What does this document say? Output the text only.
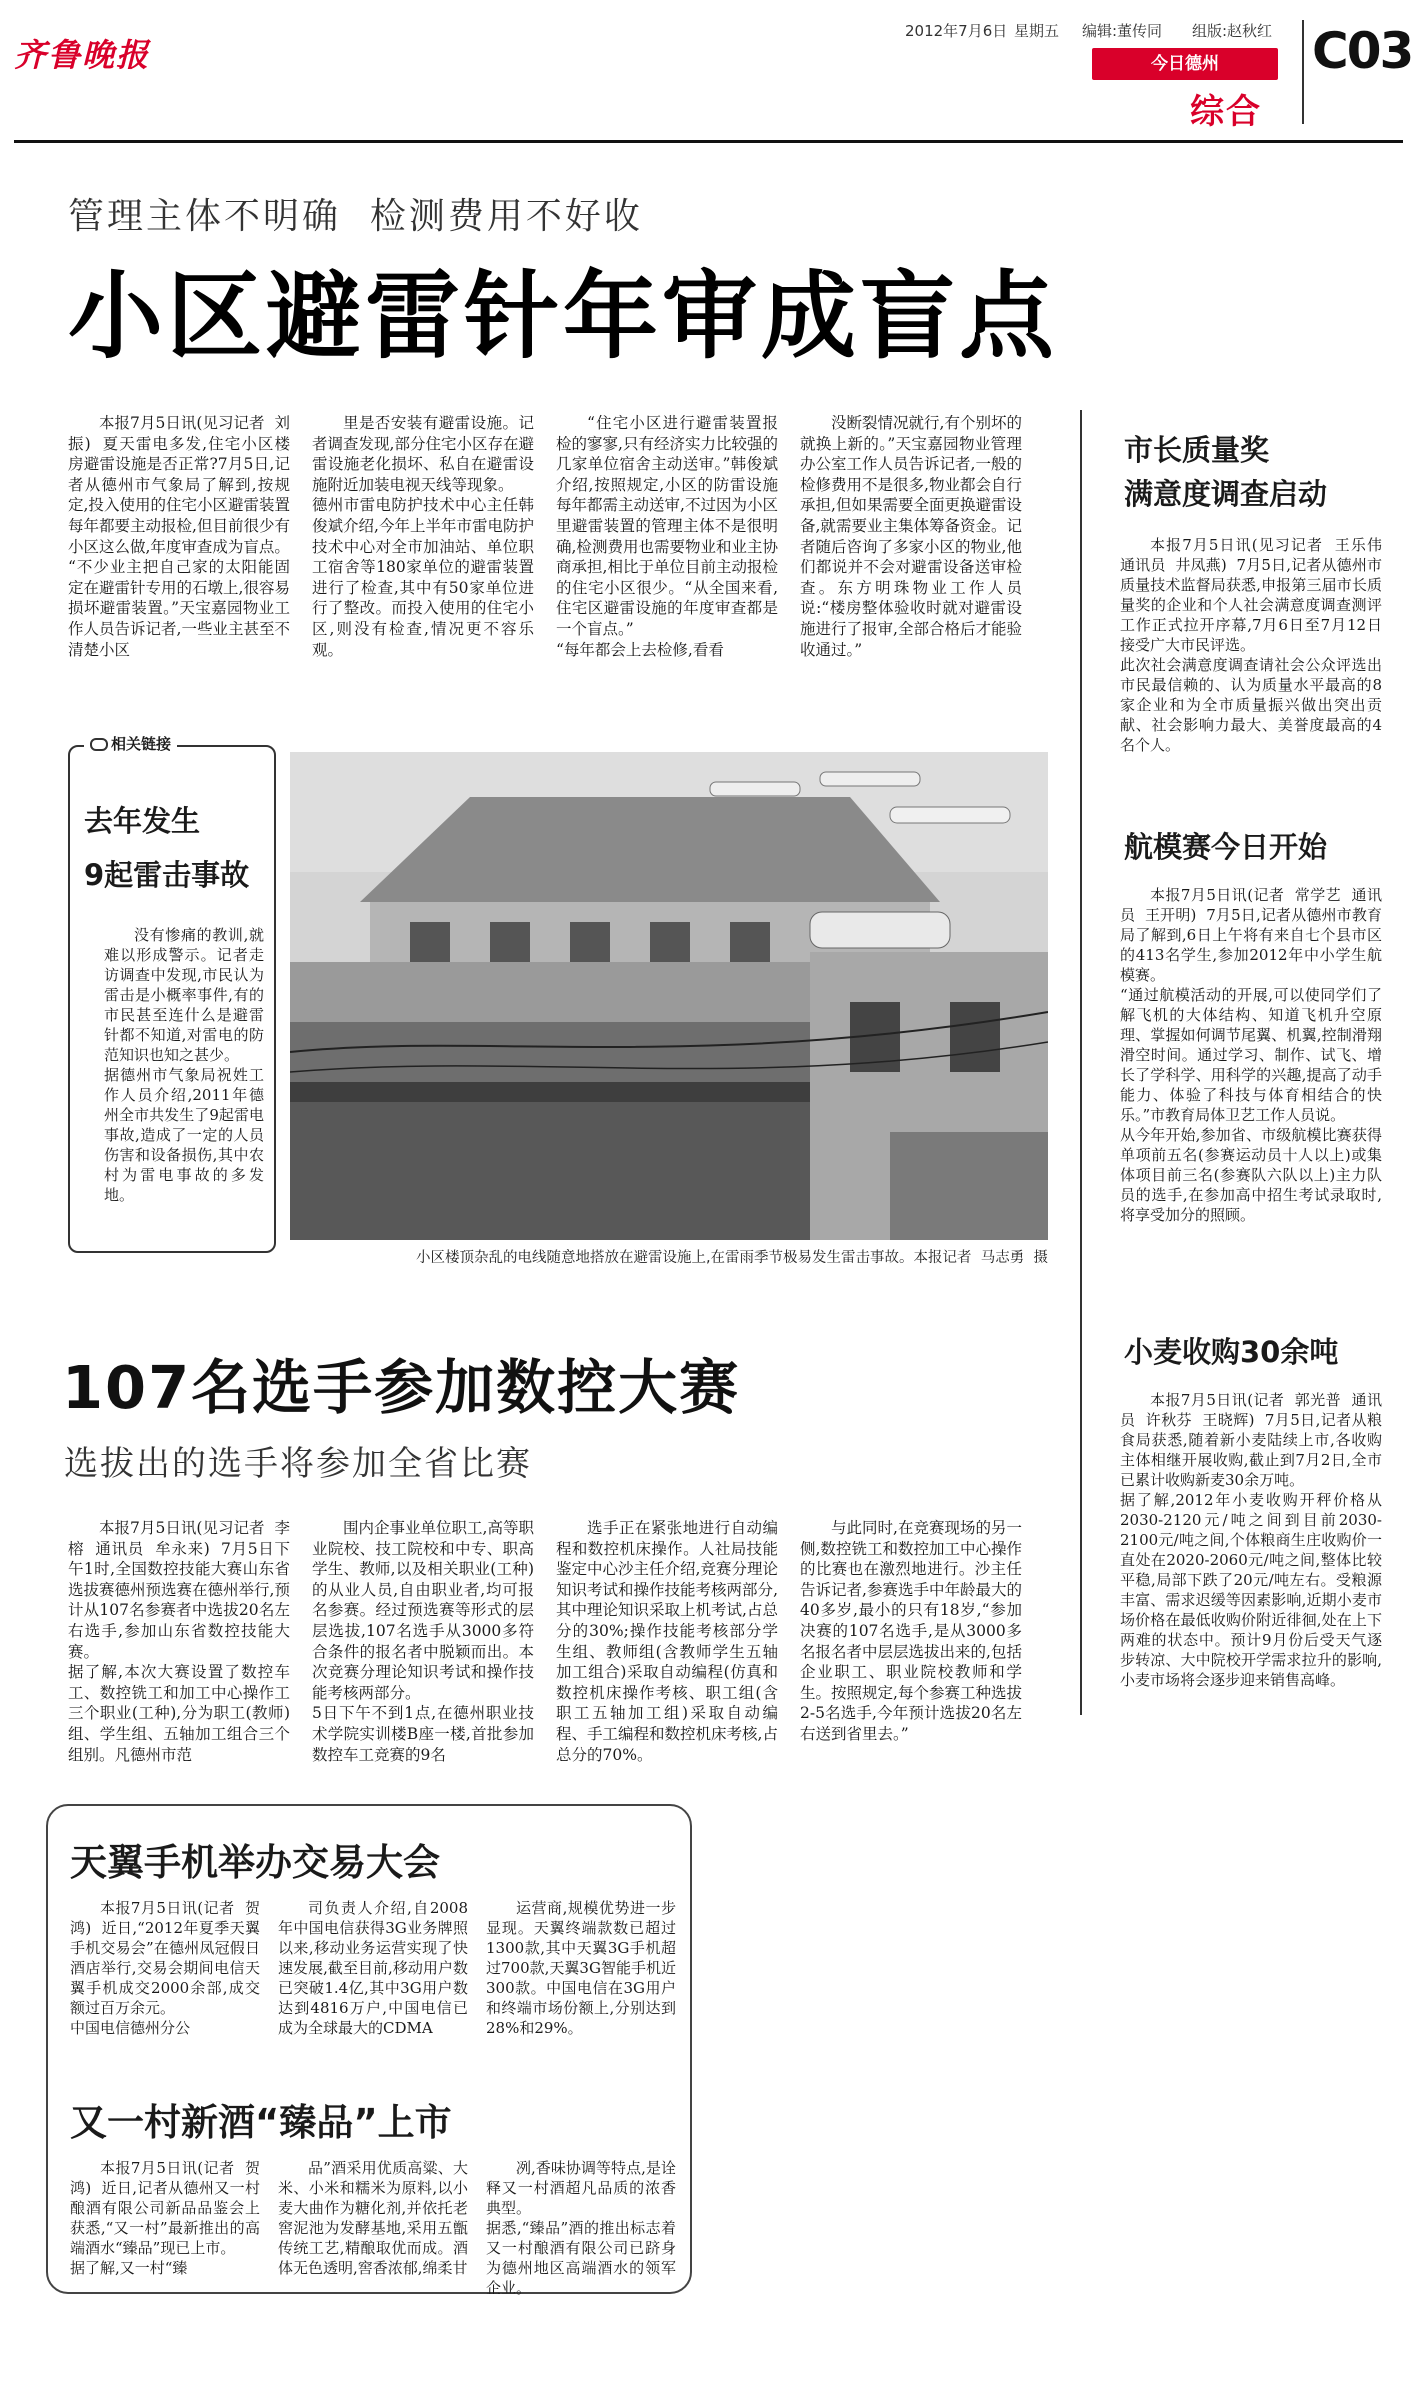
齐鲁晚报
2012年7月6日 星期五 编辑:董传同 组版:赵秋红
今日德州
综合
C03
管理主体不明确  检测费用不好收
小区避雷针年审成盲点

本报7月5日讯(见习记者  刘振)  夏天雷电多发,住宅小区楼房避雷设施是否正常?7月5日,记者从德州市气象局了解到,按规定,投入使用的住宅小区避雷装置每年都要主动报检,但目前很少有小区这么做,年度审查成为盲点。
“不少业主把自己家的太阳能固定在避雷针专用的石墩上,很容易损坏避雷装置。”天宝嘉园物业工作人员告诉记者,一些业主甚至不清楚小区

里是否安装有避雷设施。记者调查发现,部分住宅小区存在避雷设施老化损坏、私自在避雷设施附近加装电视天线等现象。
德州市雷电防护技术中心主任韩俊斌介绍,今年上半年市雷电防护技术中心对全市加油站、单位职工宿舍等180家单位的避雷装置进行了检查,其中有50家单位进行了整改。而投入使用的住宅小区,则没有检查,情况更不容乐观。

“住宅小区进行避雷装置报检的寥寥,只有经济实力比较强的几家单位宿舍主动送审。”韩俊斌介绍,按照规定,小区的防雷设施每年都需主动送审,不过因为小区里避雷装置的管理主体不是很明确,检测费用也需要物业和业主协商承担,相比于单位目前主动报检的住宅小区很少。“从全国来看,住宅区避雷设施的年度审查都是一个盲点。”
“每年都会上去检修,看看

没断裂情况就行,有个别坏的就换上新的。”天宝嘉园物业管理办公室工作人员告诉记者,一般的检修费用不是很多,物业都会自行承担,但如果需要全面更换避雷设备,就需要业主集体筹备资金。记者随后咨询了多家小区的物业,他们都说并不会对避雷设备送审检查。东方明珠物业工作人员说:“楼房整体验收时就对避雷设施进行了报审,全部合格后才能验收通过。”

相关链接
去年发生
9起雷击事故

没有惨痛的教训,就难以形成警示。记者走访调查中发现,市民认为雷击是小概率事件,有的市民甚至连什么是避雷针都不知道,对雷电的防范知识也知之甚少。
据德州市气象局祝姓工作人员介绍,2011年德州全市共发生了9起雷电事故,造成了一定的人员伤害和设备损伤,其中农村为雷电事故的多发地。

小区楼顶杂乱的电线随意地搭放在避雷设施上,在雷雨季节极易发生雷击事故。本报记者  马志勇  摄
市长质量奖
满意度调查启动

本报7月5日讯(见习记者  王乐伟  通讯员  井凤燕)  7月5日,记者从德州市质量技术监督局获悉,申报第三届市长质量奖的企业和个人社会满意度调查测评工作正式拉开序幕,7月6日至7月12日接受广大市民评选。
此次社会满意度调查请社会公众评选出市民最信赖的、认为质量水平最高的8家企业和为全市质量振兴做出突出贡献、社会影响力最大、美誉度最高的4名个人。

航模赛今日开始

本报7月5日讯(记者  常学艺  通讯员  王开明)  7月5日,记者从德州市教育局了解到,6日上午将有来自七个县市区的413名学生,参加2012年中小学生航模赛。
“通过航模活动的开展,可以使同学们了解飞机的大体结构、知道飞机升空原理、掌握如何调节尾翼、机翼,控制滑翔滑空时间。通过学习、制作、试飞、增长了学科学、用科学的兴趣,提高了动手能力、体验了科技与体育相结合的快乐。”市教育局体卫艺工作人员说。
从今年开始,参加省、市级航模比赛获得单项前五名(参赛运动员十人以上)或集体项目前三名(参赛队六队以上)主力队员的选手,在参加高中招生考试录取时,将享受加分的照顾。

小麦收购30余吨

本报7月5日讯(记者  郭光普  通讯员  许秋芬  王晓辉)  7月5日,记者从粮食局获悉,随着新小麦陆续上市,各收购主体相继开展收购,截止到7月2日,全市已累计收购新麦30余万吨。
据了解,2012年小麦收购开秤价格从2030-2120元/吨之间到目前2030-2100元/吨之间,个体粮商生庄收购价一直处在2020-2060元/吨之间,整体比较平稳,局部下跌了20元/吨左右。受粮源丰富、需求迟缓等因素影响,近期小麦市场价格在最低收购价附近徘徊,处在上下两难的状态中。预计9月份后受天气逐步转凉、大中院校开学需求拉升的影响,小麦市场将会逐步迎来销售高峰。

107名选手参加数控大赛
选拔出的选手将参加全省比赛

本报7月5日讯(见习记者  李榕  通讯员  牟永来)  7月5日下午1时,全国数控技能大赛山东省选拔赛德州预选赛在德州举行,预计从107名参赛者中选拔20名左右选手,参加山东省数控技能大赛。
据了解,本次大赛设置了数控车工、数控铣工和加工中心操作工三个职业(工种),分为职工(教师)组、学生组、五轴加工组合三个组别。凡德州市范

围内企事业单位职工,高等职业院校、技工院校和中专、职高学生、教师,以及相关职业(工种)的从业人员,自由职业者,均可报名参赛。经过预选赛等形式的层层选拔,107名选手从3000多符合条件的报名者中脱颖而出。本次竞赛分理论知识考试和操作技能考核两部分。
5日下午不到1点,在德州职业技术学院实训楼B座一楼,首批参加数控车工竞赛的9名

选手正在紧张地进行自动编程和数控机床操作。人社局技能鉴定中心沙主任介绍,竞赛分理论知识考试和操作技能考核两部分,其中理论知识采取上机考试,占总分的30%;操作技能考核部分学生组、教师组(含教师学生五轴加工组合)采取自动编程(仿真和数控机床操作考核、职工组(含职工五轴加工组)采取自动编程、手工编程和数控机床考核,占总分的70%。

与此同时,在竞赛现场的另一侧,数控铣工和数控加工中心操作的比赛也在激烈地进行。沙主任告诉记者,参赛选手中年龄最大的40多岁,最小的只有18岁,“参加决赛的107名选手,是从3000多名报名者中层层选拔出来的,包括企业职工、职业院校教师和学生。按照规定,每个参赛工种选拔2-5名选手,今年预计选拔20名左右送到省里去。”

天翼手机举办交易大会

本报7月5日讯(记者  贺鸿)  近日,“2012年夏季天翼手机交易会”在德州凤冠假日酒店举行,交易会期间电信天翼手机成交2000余部,成交额过百万余元。
中国电信德州分公

司负责人介绍,自2008年中国电信获得3G业务牌照以来,移动业务运营实现了快速发展,截至目前,移动用户数已突破1.4亿,其中3G用户数达到4816万户,中国电信已成为全球最大的CDMA

运营商,规模优势进一步显现。天翼终端款数已超过1300款,其中天翼3G手机超过700款,天翼3G智能手机近300款。中国电信在3G用户和终端市场份额上,分别达到28%和29%。

又一村新酒“臻品”上市

本报7月5日讯(记者  贺鸿)  近日,记者从德州又一村酿酒有限公司新品品鉴会上获悉,“又一村”最新推出的高端酒水“臻品”现已上市。
据了解,又一村“臻

品”酒采用优质高粱、大米、小米和糯米为原料,以小麦大曲作为糖化剂,并依托老窖泥池为发酵基地,采用五甑传统工艺,精酿取优而成。酒体无色透明,窖香浓郁,绵柔甘

冽,香味协调等特点,是诠释又一村酒超凡品质的浓香典型。
据悉,“臻品”酒的推出标志着又一村酿酒有限公司已跻身为德州地区高端酒水的领军企业。
